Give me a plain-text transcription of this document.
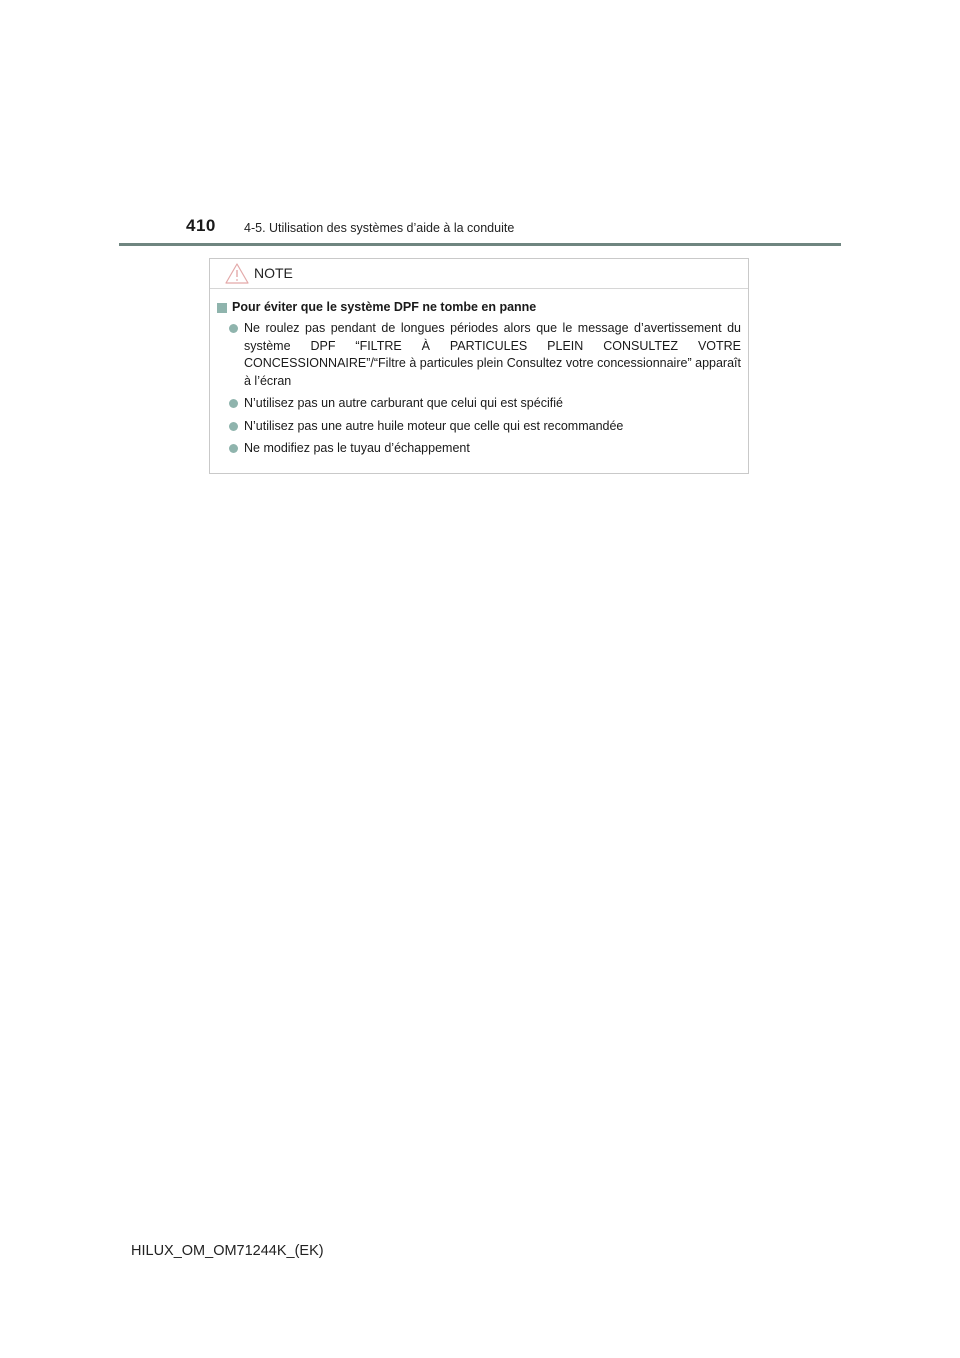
410 4-5. Utilisation des systèmes d’aide à la conduite
NOTE
Pour éviter que le système DPF ne tombe en panne
Ne roulez pas pendant de longues périodes alors que le message d’avertissement du système DPF “FILTRE À PARTICULES PLEIN CONSULTEZ VOTRE CONCESSIONNAIRE”/“Filtre à particules plein Consultez votre concessionnaire” apparaît à l’écran
N’utilisez pas un autre carburant que celui qui est spécifié
N’utilisez pas une autre huile moteur que celle qui est recommandée
Ne modifiez pas le tuyau d’échappement
HILUX_OM_OM71244K_(EK)
